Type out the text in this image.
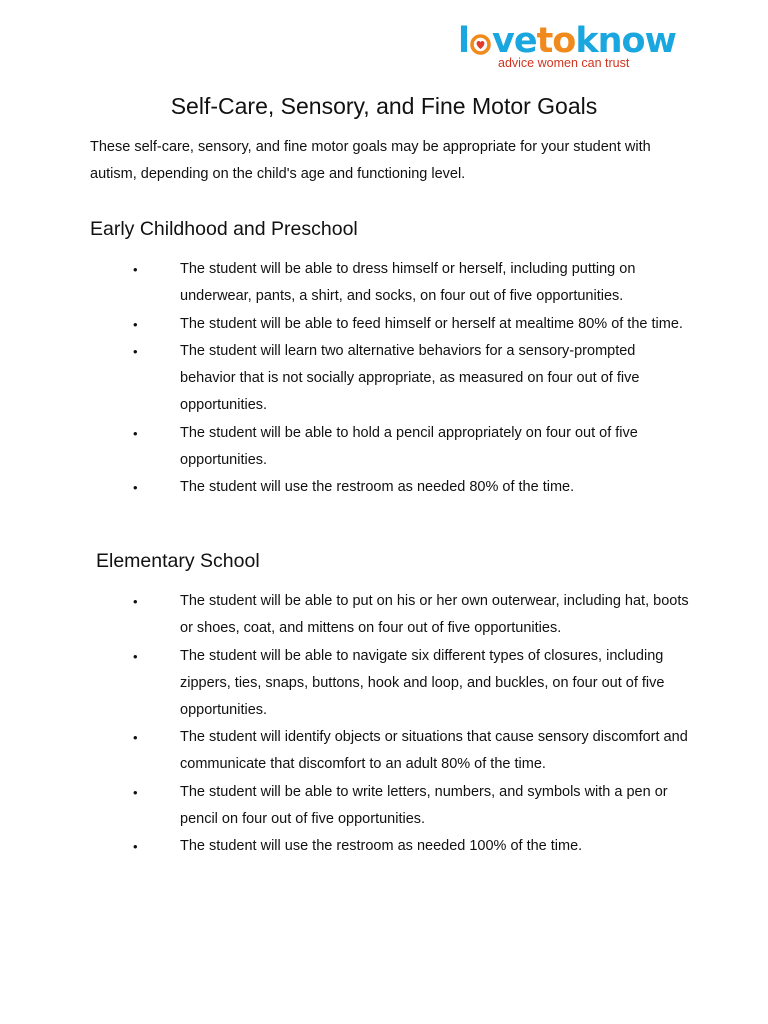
l vetoknow
advice women can trust
Self-Care, Sensory, and Fine Motor Goals

These self-care, sensory, and fine motor goals may be appropriate for your student with autism, depending on the child's age and functioning level.

Early Childhood and Preschool
•	The student will be able to dress himself or herself, including putting on underwear, pants, a shirt, and socks, on four out of five opportunities.
•	The student will be able to feed himself or herself at mealtime 80% of the time.
•	The student will learn two alternative behaviors for a sensory-prompted behavior that is not socially appropriate, as measured on four out of five opportunities.
•	The student will be able to hold a pencil appropriately on four out of five opportunities.
•	The student will use the restroom as needed 80% of the time.
Elementary School
•	The student will be able to put on his or her own outerwear, including hat, boots or shoes, coat, and mittens on four out of five opportunities.
•	The student will be able to navigate six different types of closures, including zippers, ties, snaps, buttons, hook and loop, and buckles, on four out of five opportunities.
•	The student will identify objects or situations that cause sensory discomfort and communicate that discomfort to an adult 80% of the time.
•	The student will be able to write letters, numbers, and symbols with a pen or pencil on four out of five opportunities.
•	The student will use the restroom as needed 100% of the time.
